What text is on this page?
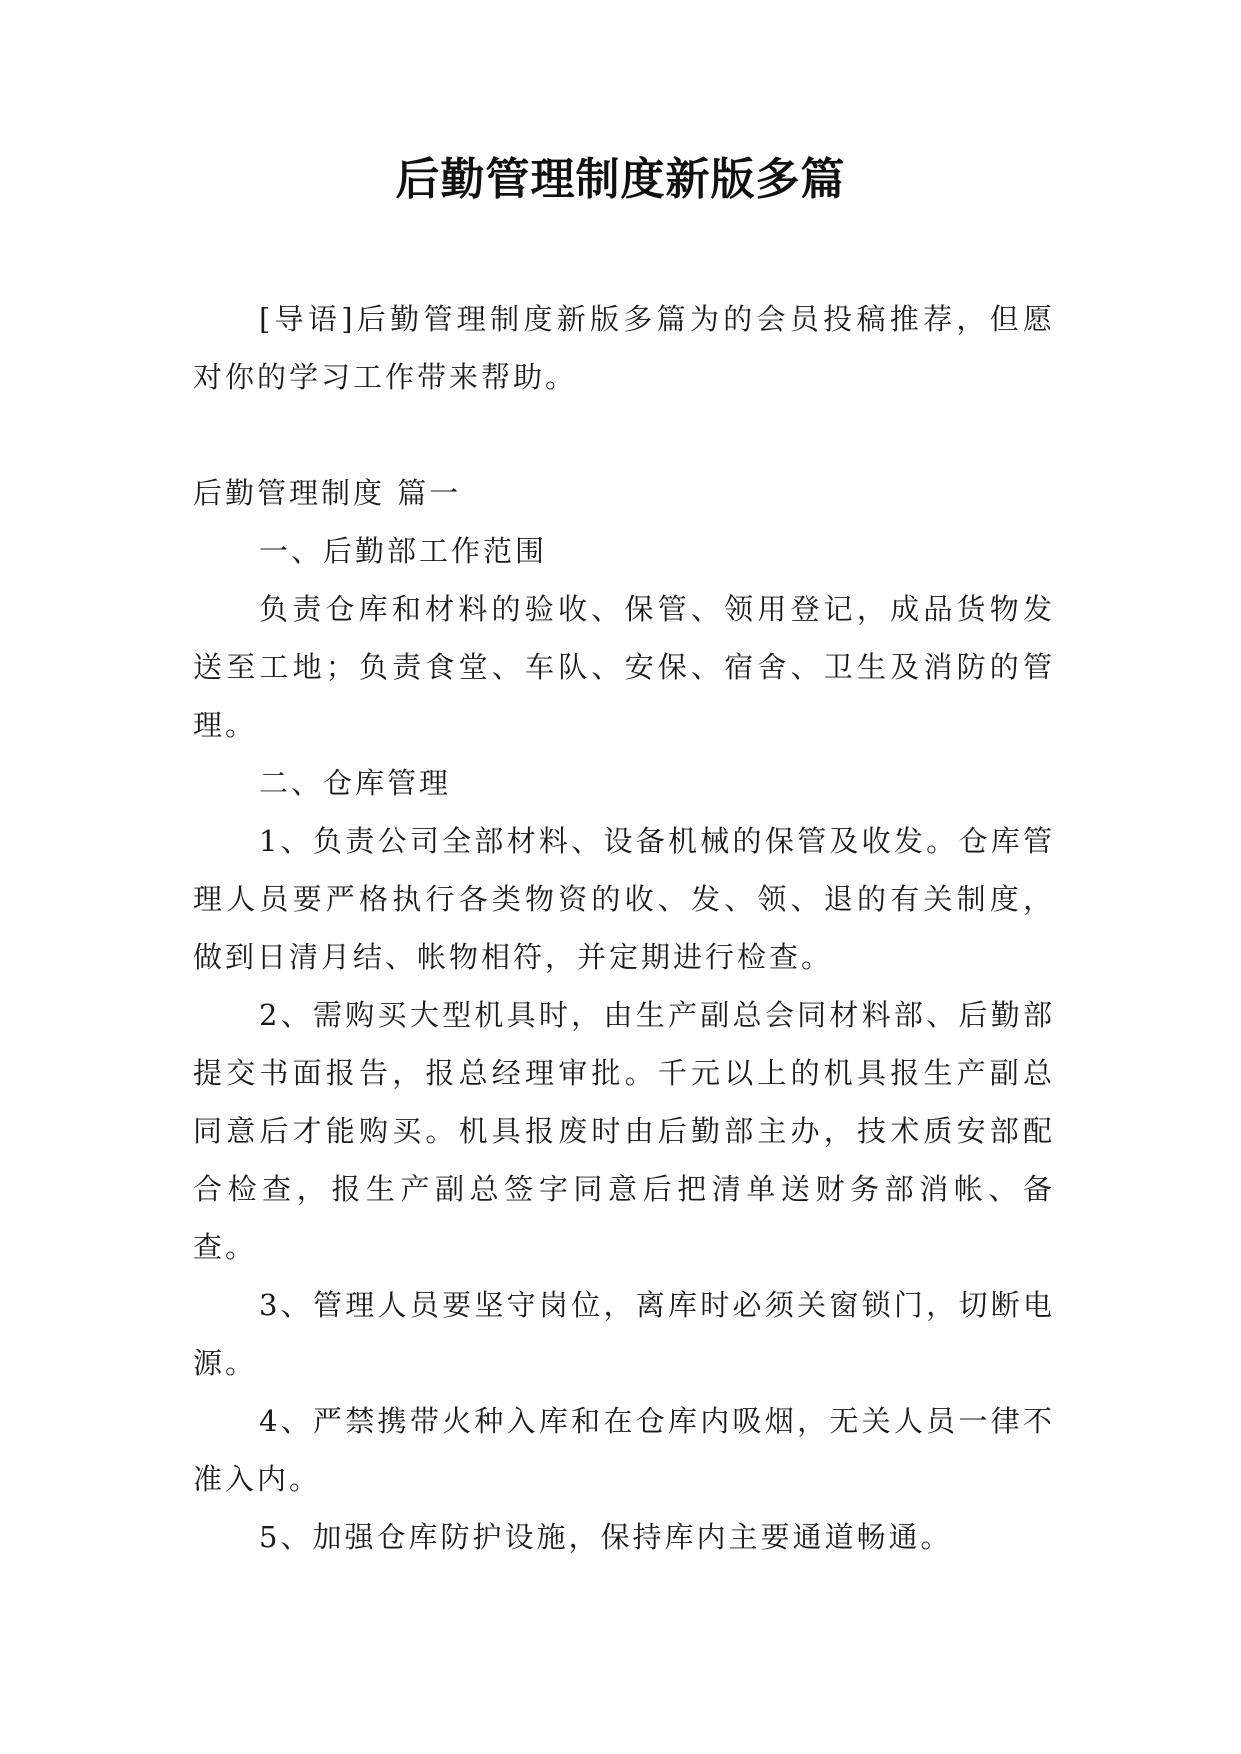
后勤管理制度新版多篇

[导语]后勤管理制度新版多篇为的会员投稿推荐，但愿对你的学习工作带来帮助。

后勤管理制度 篇一

一、后勤部工作范围

负责仓库和材料的验收、保管、领用登记，成品货物发送至工地；负责食堂、车队、安保、宿舍、卫生及消防的管理。

二、仓库管理

1、负责公司全部材料、设备机械的保管及收发。仓库管理人员要严格执行各类物资的收、发、领、退的有关制度，做到日清月结、帐物相符，并定期进行检查。

2、需购买大型机具时，由生产副总会同材料部、后勤部提交书面报告，报总经理审批。千元以上的机具报生产副总同意后才能购买。机具报废时由后勤部主办，技术质安部配合检查，报生产副总签字同意后把清单送财务部消帐、备查。

3、管理人员要坚守岗位，离库时必须关窗锁门，切断电源。

4、严禁携带火种入库和在仓库内吸烟，无关人员一律不准入内。

5、加强仓库防护设施，保持库内主要通道畅通。
